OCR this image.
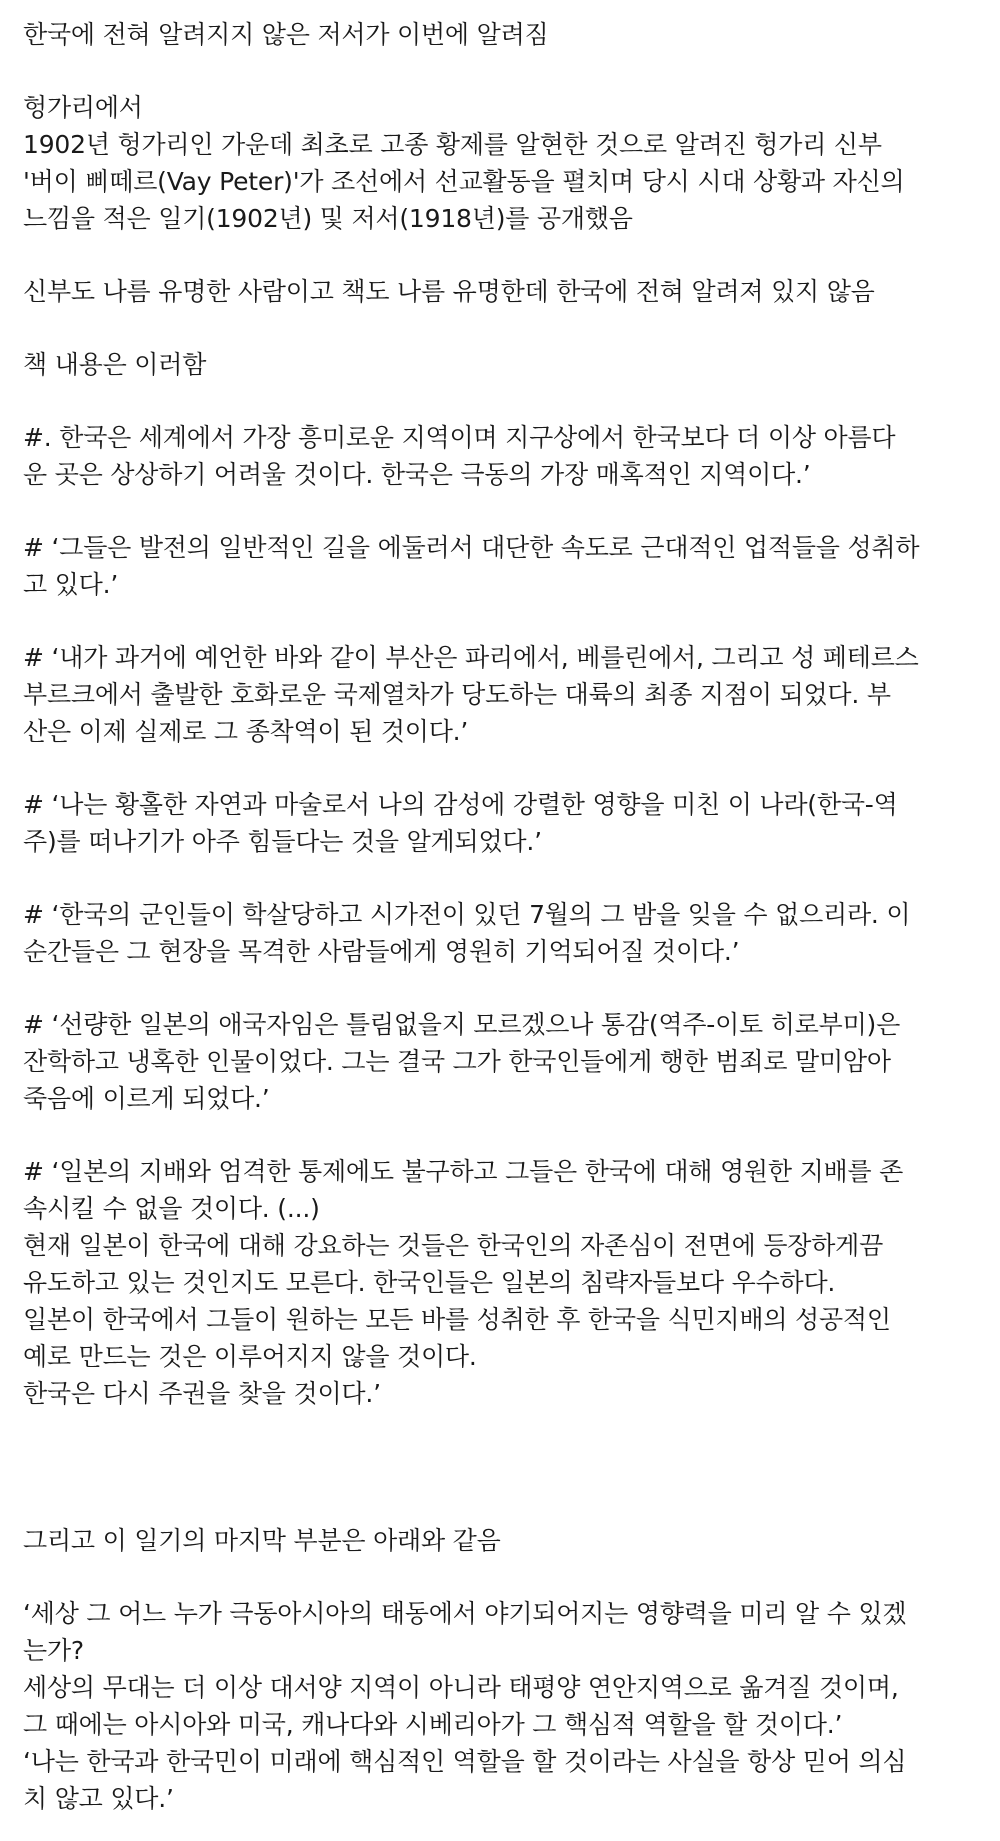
한국에 전혀 알려지지 않은 저서가 이번에 알려짐

헝가리에서
1902년 헝가리인 가운데 최초로 고종 황제를 알현한 것으로 알려진 헝가리 신부
'버이 삐떼르(Vay Peter)'가 조선에서 선교활동을 펼치며 당시 시대 상황과 자신의
느낌을 적은 일기(1902년) 및 저서(1918년)를 공개했음

신부도 나름 유명한 사람이고 책도 나름 유명한데 한국에 전혀 알려져 있지 않음

책 내용은 이러함

#. 한국은 세계에서 가장 흥미로운 지역이며 지구상에서 한국보다 더 이상 아름다
운 곳은 상상하기 어려울 것이다. 한국은 극동의 가장 매혹적인 지역이다.’

# ‘그들은 발전의 일반적인 길을 에둘러서 대단한 속도로 근대적인 업적들을 성취하
고 있다.’

# ‘내가 과거에 예언한 바와 같이 부산은 파리에서, 베를린에서, 그리고 성 페테르스
부르크에서 출발한 호화로운 국제열차가 당도하는 대륙의 최종 지점이 되었다. 부
산은 이제 실제로 그 종착역이 된 것이다.’

# ‘나는 황홀한 자연과 마술로서 나의 감성에 강렬한 영향을 미친 이 나라(한국-역
주)를 떠나기가 아주 힘들다는 것을 알게되었다.’

# ‘한국의 군인들이 학살당하고 시가전이 있던 7월의 그 밤을 잊을 수 없으리라. 이
순간들은 그 현장을 목격한 사람들에게 영원히 기억되어질 것이다.’

# ‘선량한 일본의 애국자임은 틀림없을지 모르겠으나 통감(역주-이토 히로부미)은
잔학하고 냉혹한 인물이었다. 그는 결국 그가 한국인들에게 행한 범죄로 말미암아
죽음에 이르게 되었다.’

# ‘일본의 지배와 엄격한 통제에도 불구하고 그들은 한국에 대해 영원한 지배를 존
속시킬 수 없을 것이다. (...)
현재 일본이 한국에 대해 강요하는 것들은 한국인의 자존심이 전면에 등장하게끔
유도하고 있는 것인지도 모른다. 한국인들은 일본의 침략자들보다 우수하다.
일본이 한국에서 그들이 원하는 모든 바를 성취한 후 한국을 식민지배의 성공적인
예로 만드는 것은 이루어지지 않을 것이다.
한국은 다시 주권을 찾을 것이다.’

그리고 이 일기의 마지막 부분은 아래와 같음

‘세상 그 어느 누가 극동아시아의 태동에서 야기되어지는 영향력을 미리 알 수 있겠
는가?
세상의 무대는 더 이상 대서양 지역이 아니라 태평양 연안지역으로 옮겨질 것이며,
그 때에는 아시아와 미국, 캐나다와 시베리아가 그 핵심적 역할을 할 것이다.’
‘나는 한국과 한국민이 미래에 핵심적인 역할을 할 것이라는 사실을 항상 믿어 의심
치 않고 있다.’
